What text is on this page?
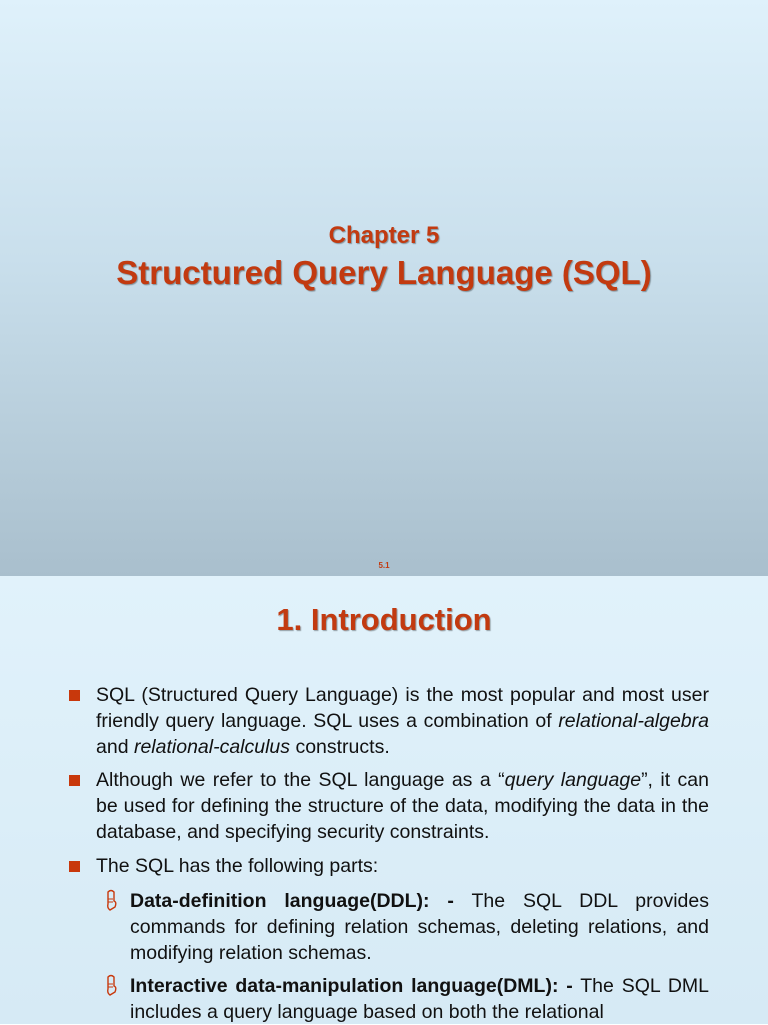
Chapter 5
Structured Query Language (SQL)
5.1
1. Introduction
SQL (Structured Query Language) is the most popular and most user friendly query language. SQL uses a combination of relational-algebra and relational-calculus constructs.
Although we refer to the SQL language as a “query language”, it can be used for defining the structure of the data, modifying the data in the database, and specifying security constraints.
The SQL has the following parts:
Data-definition language(DDL): - The SQL DDL provides commands for defining relation schemas, deleting relations, and modifying relation schemas.
Interactive data-manipulation language(DML): - The SQL DML includes a query language based on both the relational
